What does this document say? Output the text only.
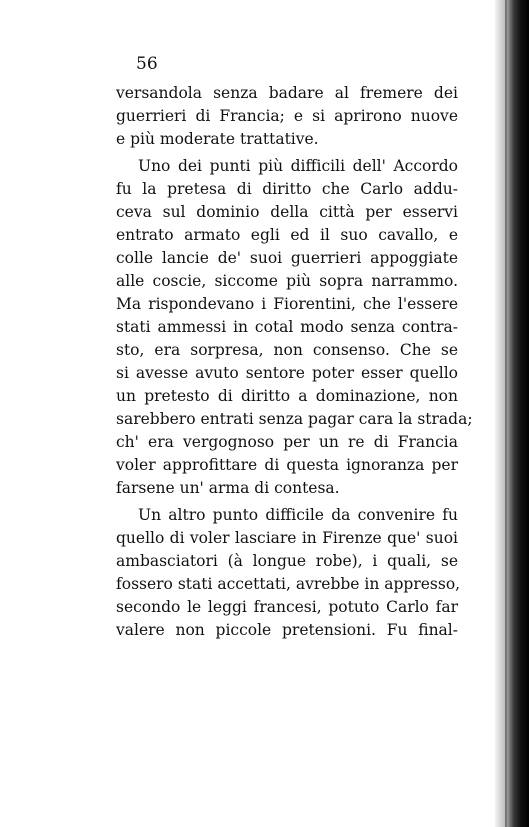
56
versandola senza badare al fremere dei
guerrieri di Francia; e si aprirono nuove
e più moderate trattative.
Uno dei punti più difficili dell' Accordo
fu la pretesa di diritto che Carlo addu-
ceva sul dominio della città per esservi
entrato armato egli ed il suo cavallo, e
colle lancie de' suoi guerrieri appoggiate
alle coscie, siccome più sopra narrammo.
Ma rispondevano i Fiorentini, che l'essere
stati ammessi in cotal modo senza contra-
sto, era sorpresa, non consenso. Che se
si avesse avuto sentore poter esser quello
un pretesto di diritto a dominazione, non
sarebbero entrati senza pagar cara la strada;
ch' era vergognoso per un re di Francia
voler approfittare di questa ignoranza per
farsene un' arma di contesa.
Un altro punto difficile da convenire fu
quello di voler lasciare in Firenze que' suoi
ambasciatori (à longue robe), i quali, se
fossero stati accettati, avrebbe in appresso,
secondo le leggi francesi, potuto Carlo far
valere non piccole pretensioni. Fu final-
